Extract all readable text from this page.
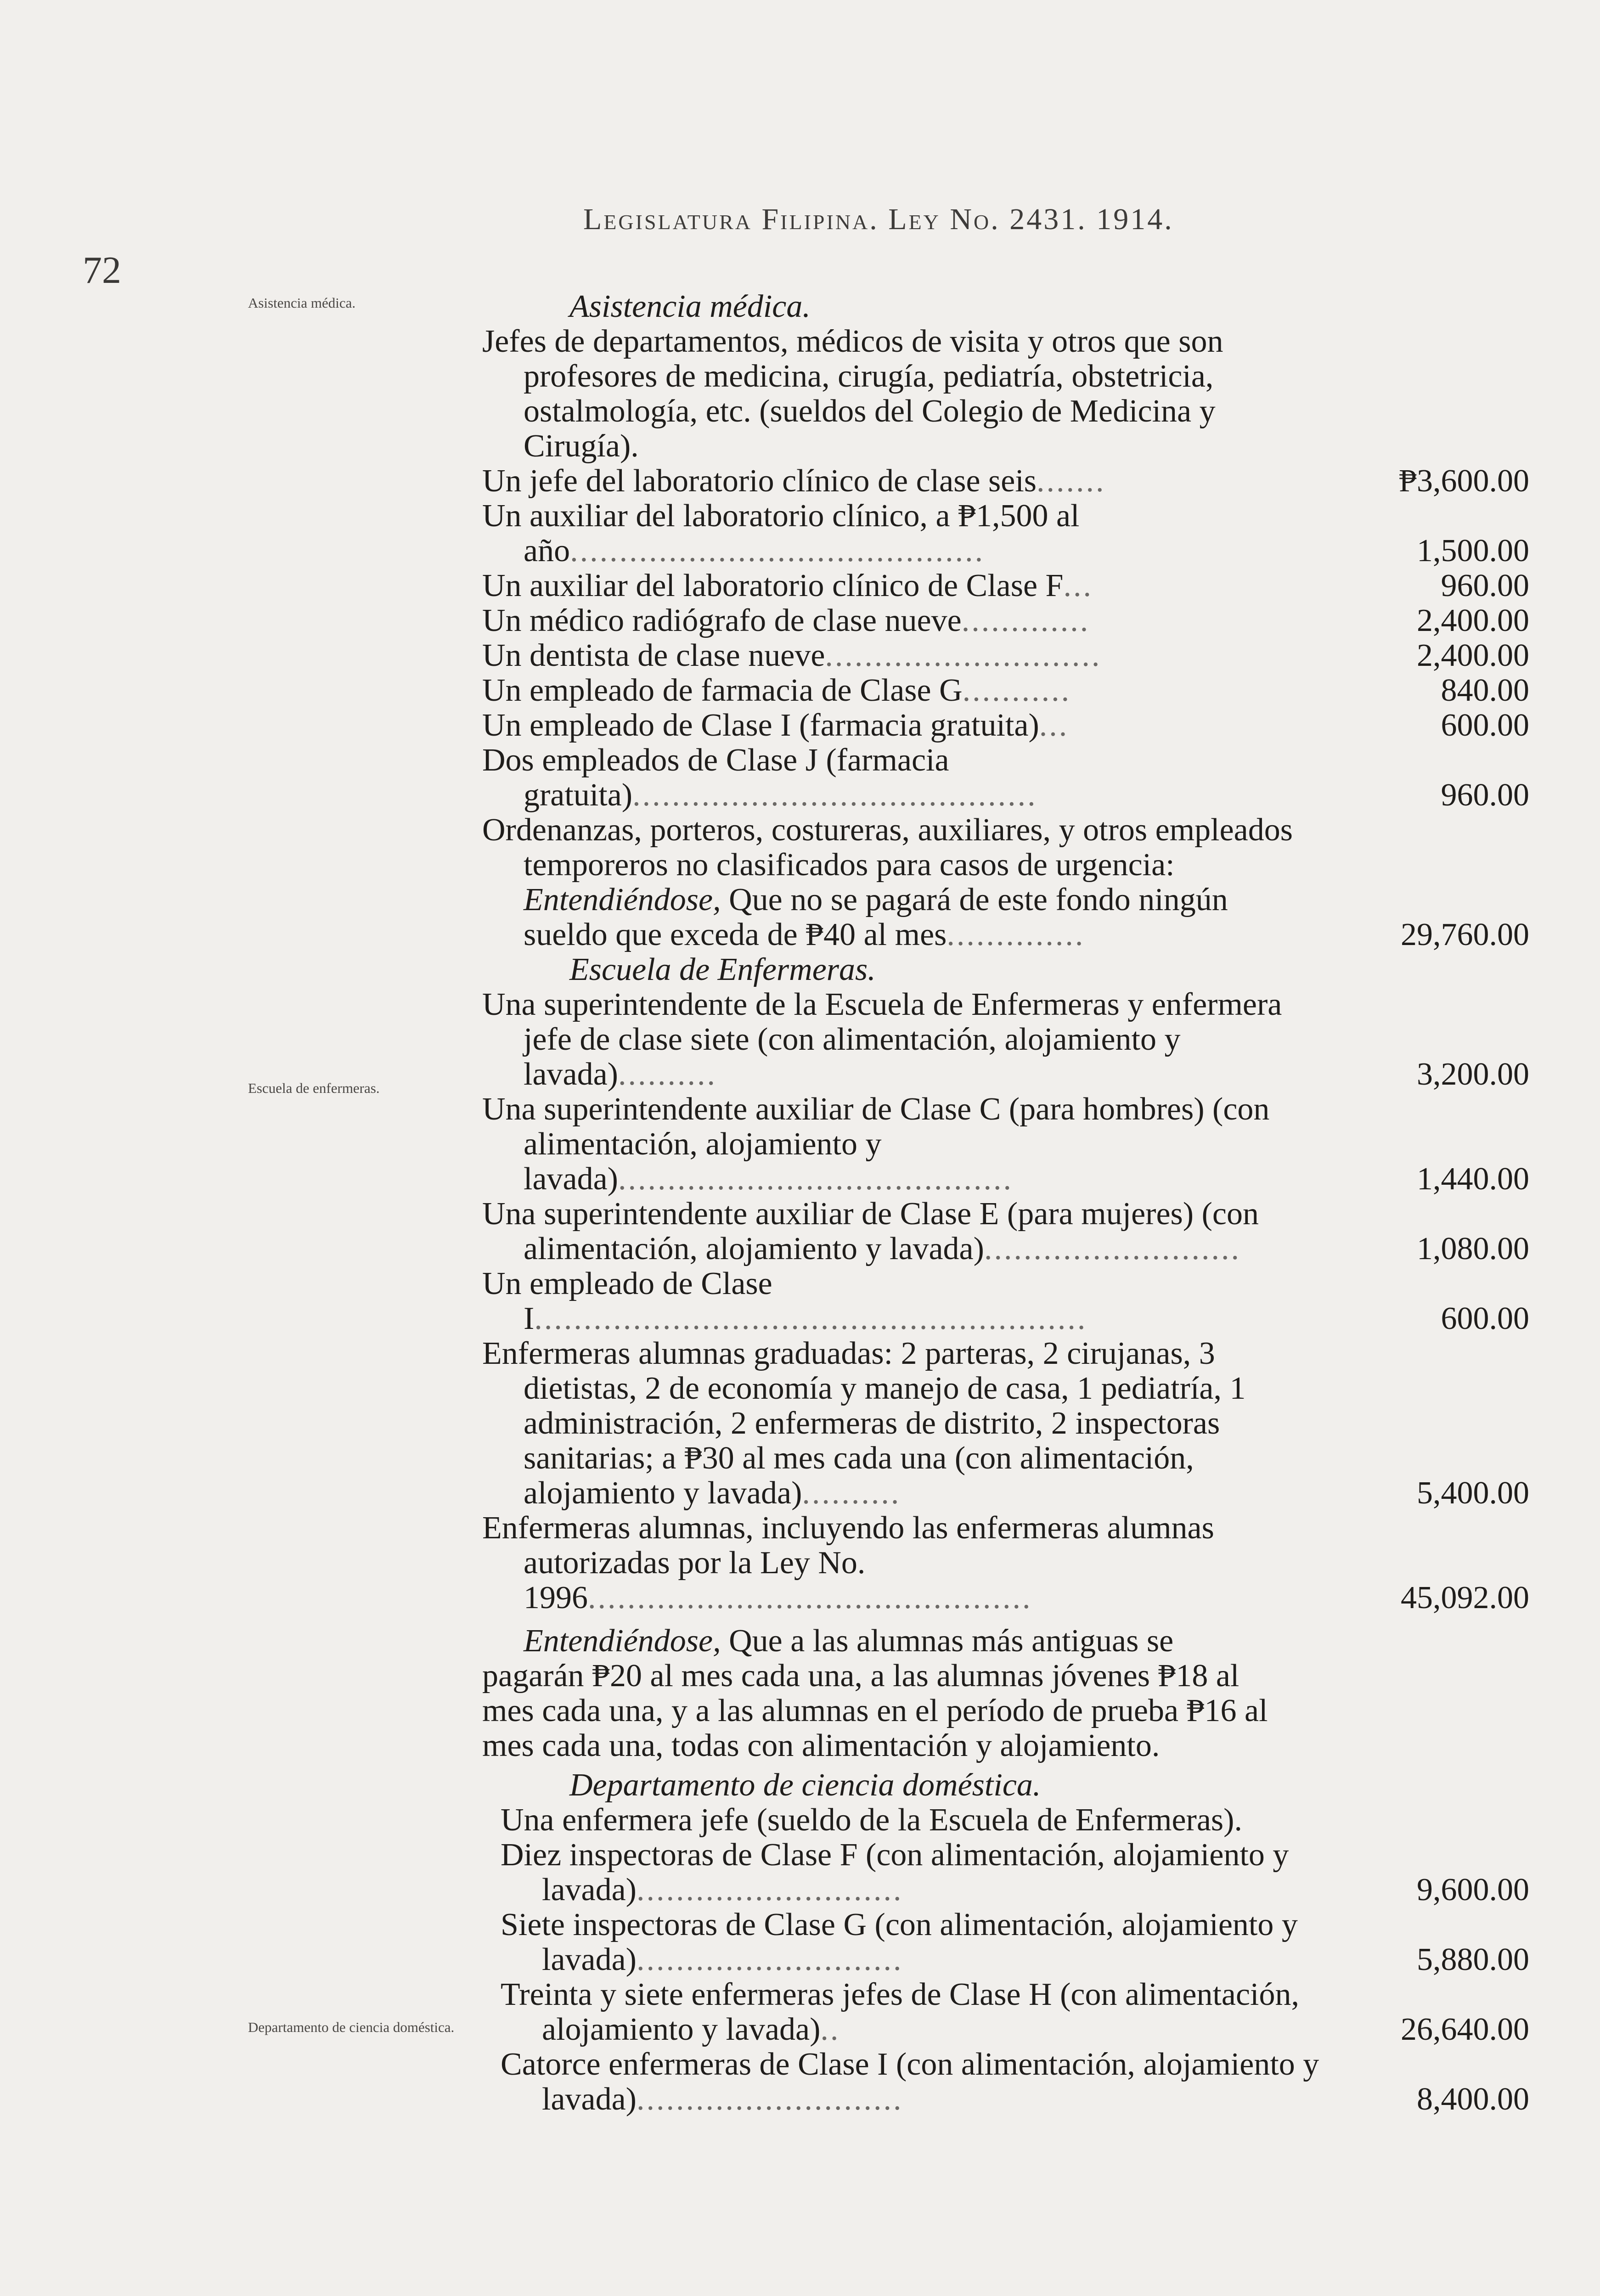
72
Legislatura Filipina. Ley No. 2431. 1914.
Asistencia médica.
Escuela de enfermeras.
Departamento de ciencia doméstica.
Asistencia médica.
Jefes de departamentos, médicos de visita y otros que son profesores de medicina, cirugía, pediatría, obstetricia, ostalmología, etc. (sueldos del Colegio de Medicina y Cirugía).
Un jefe del laboratorio clínico de clase seis.......	₱3,600.00
Un auxiliar del laboratorio clínico, a ₱1,500 al año..........................................	1,500.00
Un auxiliar del laboratorio clínico de Clase F...	960.00
Un médico radiógrafo de clase nueve.............	2,400.00
Un dentista de clase nueve............................	2,400.00
Un empleado de farmacia de Clase G...........	840.00
Un empleado de Clase I (farmacia gratuita)...	600.00
Dos empleados de Clase J (farmacia gratuita).........................................	960.00
Ordenanzas, porteros, costureras, auxiliares, y otros empleados temporeros no clasificados para casos de urgencia: Entendiéndose, Que no se pagará de este fondo ningún sueldo que exceda de ₱40 al mes..............	29,760.00
Escuela de Enfermeras.
Una superintendente de la Escuela de Enfermeras y enfermera jefe de clase siete (con alimentación, alojamiento y lavada)..........	3,200.00
Una superintendente auxiliar de Clase C (para hombres) (con alimentación, alojamiento y lavada)........................................	1,440.00
Una superintendente auxiliar de Clase E (para mujeres) (con alimentación, alojamiento y lavada)..........................	1,080.00
Un empleado de Clase I........................................................	600.00
Enfermeras alumnas graduadas: 2 parteras, 2 cirujanas, 3 dietistas, 2 de economía y manejo de casa, 1 pediatría, 1 administración, 2 enfermeras de distrito, 2 inspectoras sanitarias; a ₱30 al mes cada una (con alimentación, alojamiento y lavada)..........	5,400.00
Enfermeras alumnas, incluyendo las enfermeras alumnas autorizadas por la Ley No. 1996.............................................	45,092.00
Entendiéndose, Que a las alumnas más antiguas se pagarán ₱20 al mes cada una, a las alumnas jóvenes ₱18 al mes cada una, y a las alumnas en el período de prueba ₱16 al mes cada una, todas con alimentación y alojamiento.
Departamento de ciencia doméstica.
Una enfermera jefe (sueldo de la Escuela de Enfermeras).
Diez inspectoras de Clase F (con alimentación, alojamiento y lavada)...........................	9,600.00
Siete inspectoras de Clase G (con alimentación, alojamiento y lavada)...........................	5,880.00
Treinta y siete enfermeras jefes de Clase H (con alimentación, alojamiento y lavada)..	26,640.00
Catorce enfermeras de Clase I (con alimentación, alojamiento y lavada)...........................	8,400.00
